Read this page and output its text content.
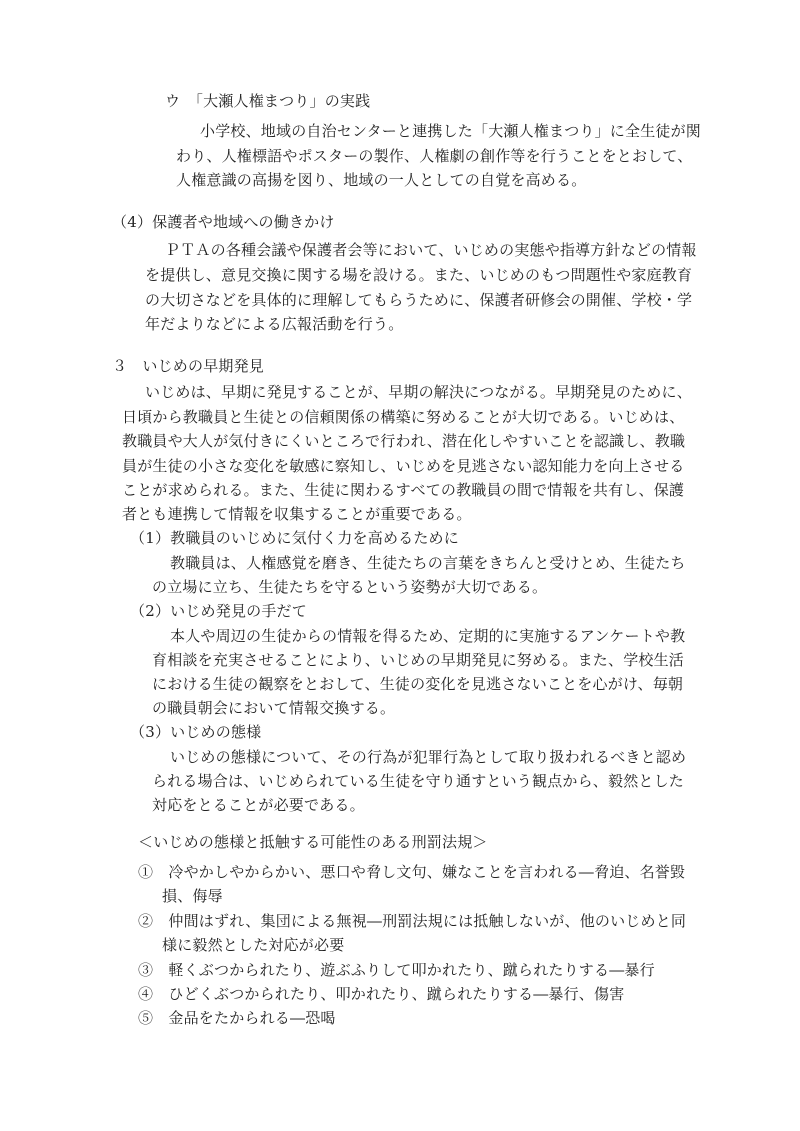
ウ　「大瀬人権まつり」の実践
小学校、地域の自治センターと連携した「大瀬人権まつり」に全生徒が関
わり、人権標語やポスターの製作、人権劇の創作等を行うことをとおして、
人権意識の高揚を図り、地域の一人としての自覚を高める。
（4）保護者や地域への働きかけ
ＰＴＡの各種会議や保護者会等において、いじめの実態や指導方針などの情報
を提供し、意見交換に関する場を設ける。また、いじめのもつ問題性や家庭教育
の大切さなどを具体的に理解してもらうために、保護者研修会の開催、学校・学
年だよりなどによる広報活動を行う。
３　いじめの早期発見
いじめは、早期に発見することが、早期の解決につながる。早期発見のために、
日頃から教職員と生徒との信頼関係の構築に努めることが大切である。いじめは、
教職員や大人が気付きにくいところで行われ、潜在化しやすいことを認識し、教職
員が生徒の小さな変化を敏感に察知し、いじめを見逃さない認知能力を向上させる
ことが求められる。また、生徒に関わるすべての教職員の間で情報を共有し、保護
者とも連携して情報を収集することが重要である。
（1）教職員のいじめに気付く力を高めるために
教職員は、人権感覚を磨き、生徒たちの言葉をきちんと受けとめ、生徒たち
の立場に立ち、生徒たちを守るという姿勢が大切である。
（2）いじめ発見の手だて
本人や周辺の生徒からの情報を得るため、定期的に実施するアンケートや教
育相談を充実させることにより、いじめの早期発見に努める。また、学校生活
における生徒の観察をとおして、生徒の変化を見逃さないことを心がけ、毎朝
の職員朝会において情報交換する。
（3）いじめの態様
いじめの態様について、その行為が犯罪行為として取り扱われるべきと認め
られる場合は、いじめられている生徒を守り通すという観点から、毅然とした
対応をとることが必要である。
＜いじめの態様と抵触する可能性のある刑罰法規＞
①　冷やかしやからかい、悪口や脅し文句、嫌なことを言われる―脅迫、名誉毀
損、侮辱
②　仲間はずれ、集団による無視―刑罰法規には抵触しないが、他のいじめと同
様に毅然とした対応が必要
③　軽くぶつかられたり、遊ぶふりして叩かれたり、蹴られたりする―暴行
④　ひどくぶつかられたり、叩かれたり、蹴られたりする―暴行、傷害
⑤　金品をたかられる―恐喝
